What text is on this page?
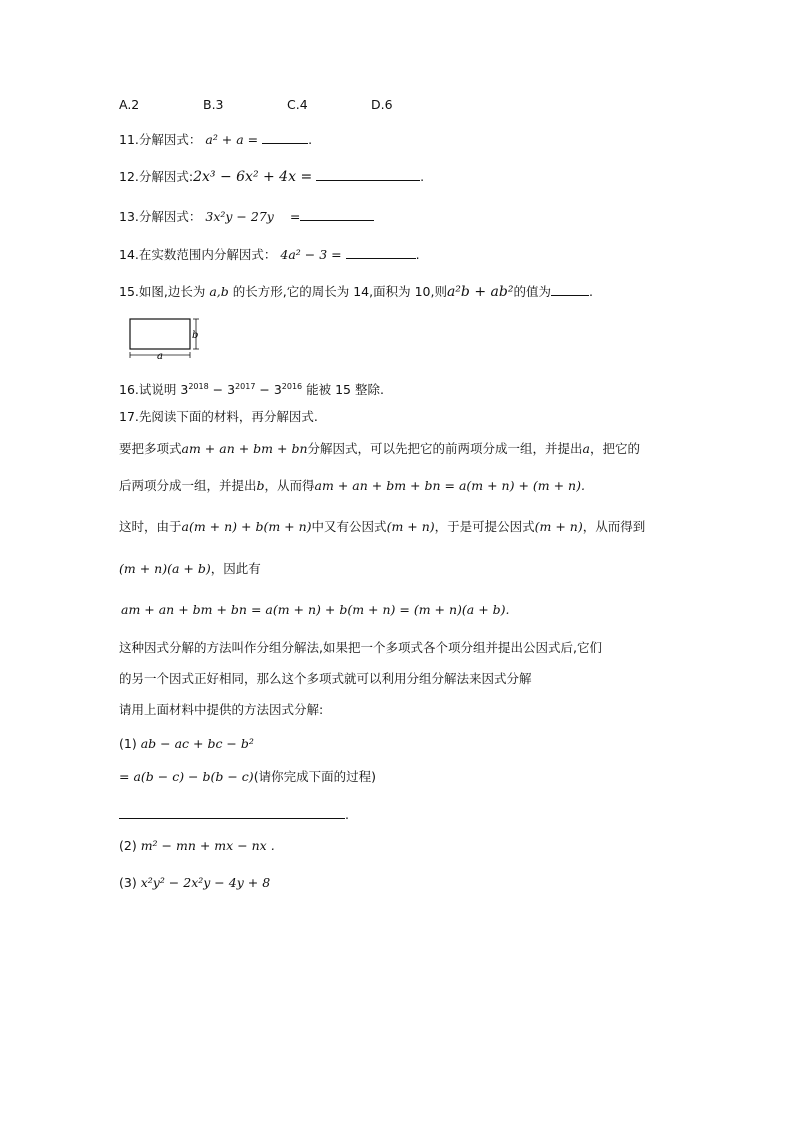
A.2	B.3	C.4	D.6
11.分解因式： a² + a =	.
12.分解因式:2x³ − 6x² + 4x =	.
13.分解因式： 3x²y − 27y =
14.在实数范围内分解因式： 4a² − 3 =	.
15.如图,边长为 a,b 的长方形,它的周长为 14,面积为 10,则a²b + ab²的值为	.
b
a
16.试说明 $3^{2018} - 3^{2017} - 3^{2016}$ 能被 15 整除.
17.先阅读下面的材料，再分解因式.
要把多项式am + an + bm + bn分解因式，可以先把它的前两项分成一组，并提出a，把它的
后两项分成一组，并提出b，从而得am + an + bm + bn = a(m + n) + (m + n).
这时，由于a(m + n) + b(m + n)中又有公因式(m + n)，于是可提公因式(m + n)，从而得到
(m + n)(a + b)，因此有
am + an + bm + bn = a(m + n) + b(m + n) = (m + n)(a + b).
这种因式分解的方法叫作分组分解法,如果把一个多项式各个项分组并提出公因式后,它们
的另一个因式正好相同，那么这个多项式就可以利用分组分解法来因式分解
请用上面材料中提供的方法因式分解:
(1) ab − ac + bc − b²
= a(b − c) − b(b − c)(请你完成下面的过程)
.
(2) m² − mn + mx − nx .
(3) x²y² − 2x²y − 4y + 8
